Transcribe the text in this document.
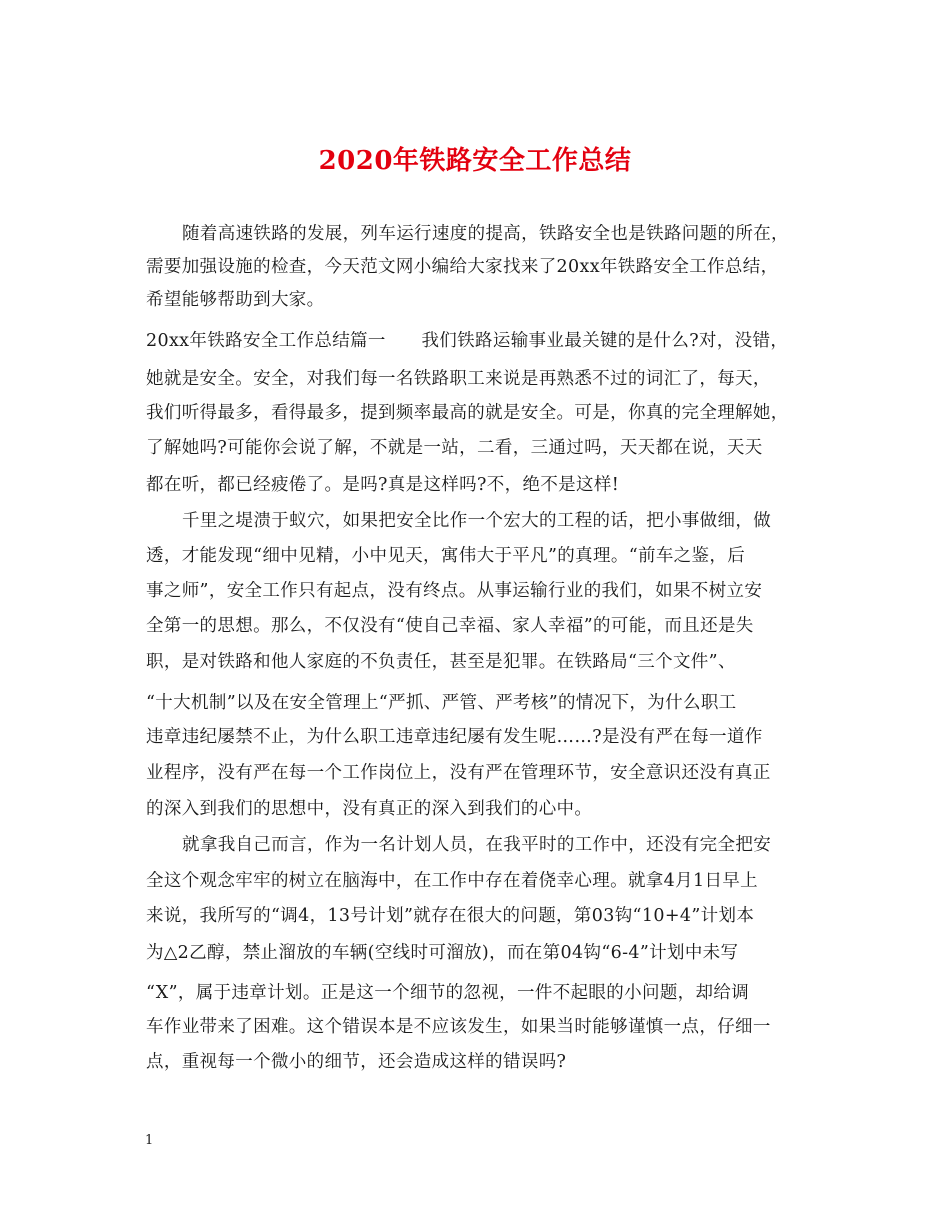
2020年铁路安全工作总结
随着高速铁路的发展，列车运行速度的提高，铁路安全也是铁路问题的所在，
需要加强设施的检查，今天范文网小编给大家找来了20xx年铁路安全工作总结，
希望能够帮助到大家。
20xx年铁路安全工作总结篇一　　我们铁路运输事业最关键的是什么?对，没错，
她就是安全。安全，对我们每一名铁路职工来说是再熟悉不过的词汇了，每天，
我们听得最多，看得最多，提到频率最高的就是安全。可是，你真的完全理解她，
了解她吗?可能你会说了解，不就是一站，二看，三通过吗，天天都在说，天天
都在听，都已经疲倦了。是吗?真是这样吗?不，绝不是这样!
千里之堤溃于蚁穴，如果把安全比作一个宏大的工程的话，把小事做细，做
透，才能发现“细中见精，小中见天，寓伟大于平凡”的真理。“前车之鉴，后
事之师”，安全工作只有起点，没有终点。从事运输行业的我们，如果不树立安
全第一的思想。那么，不仅没有“使自己幸福、家人幸福”的可能，而且还是失
职，是对铁路和他人家庭的不负责任，甚至是犯罪。在铁路局“三个文件”、
“十大机制”以及在安全管理上“严抓、严管、严考核”的情况下，为什么职工
违章违纪屡禁不止，为什么职工违章违纪屡有发生呢……?是没有严在每一道作
业程序，没有严在每一个工作岗位上，没有严在管理环节，安全意识还没有真正
的深入到我们的思想中，没有真正的深入到我们的心中。
就拿我自己而言，作为一名计划人员，在我平时的工作中，还没有完全把安
全这个观念牢牢的树立在脑海中，在工作中存在着侥幸心理。就拿4月1日早上
来说，我所写的“调4，13号计划”就存在很大的问题，第03钩“10+4”计划本
为△2乙醇，禁止溜放的车辆(空线时可溜放)，而在第04钩“6-4”计划中未写
“X”，属于违章计划。正是这一个细节的忽视，一件不起眼的小问题，却给调
车作业带来了困难。这个错误本是不应该发生，如果当时能够谨慎一点，仔细一
点，重视每一个微小的细节，还会造成这样的错误吗?
1
